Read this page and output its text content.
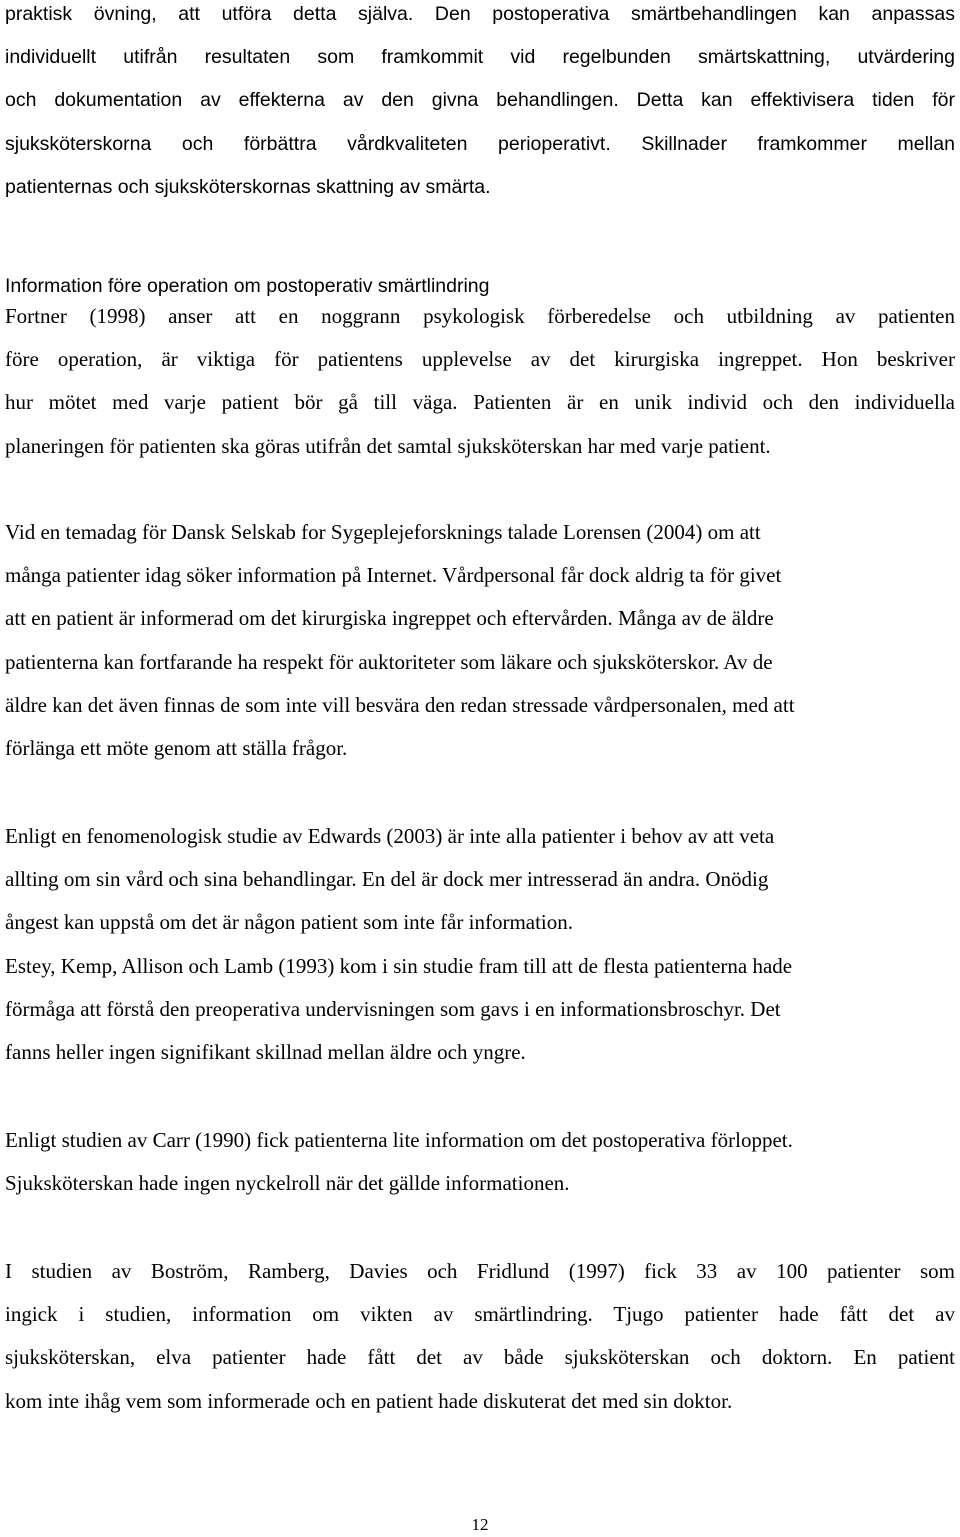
praktisk övning, att utföra detta själva. Den postoperativa smärtbehandlingen kan anpassas
individuellt utifrån resultaten som framkommit vid regelbunden smärtskattning, utvärdering
och dokumentation av effekterna av den givna behandlingen. Detta kan effektivisera tiden för
sjuksköterskorna och förbättra vårdkvaliteten perioperativt. Skillnader framkommer mellan
patienternas och sjuksköterskornas skattning av smärta.
Information före operation om postoperativ smärtlindring
Fortner (1998) anser att en noggrann psykologisk förberedelse och utbildning av patienten
före operation, är viktiga för patientens upplevelse av det kirurgiska ingreppet. Hon beskriver
hur mötet med varje patient bör gå till väga. Patienten är en unik individ och den individuella
planeringen för patienten ska göras utifrån det samtal sjuksköterskan har med varje patient.
Vid en temadag för Dansk Selskab for Sygeplejeforsknings talade Lorensen (2004) om att
många patienter idag söker information på Internet. Vårdpersonal får dock aldrig ta för givet
att en patient är informerad om det kirurgiska ingreppet och eftervården. Många av de äldre
patienterna kan fortfarande ha respekt för auktoriteter som läkare och sjuksköterskor. Av de
äldre kan det även finnas de som inte vill besvära den redan stressade vårdpersonalen, med att
förlänga ett möte genom att ställa frågor.
Enligt en fenomenologisk studie av Edwards (2003) är inte alla patienter i behov av att veta
allting om sin vård och sina behandlingar. En del är dock mer intresserad än andra. Onödig
ångest kan uppstå om det är någon patient som inte får information.
Estey, Kemp, Allison och Lamb (1993) kom i sin studie fram till att de flesta patienterna hade
förmåga att förstå den preoperativa undervisningen som gavs i en informationsbroschyr. Det
fanns heller ingen signifikant skillnad mellan äldre och yngre.
Enligt studien av Carr (1990) fick patienterna lite information om det postoperativa förloppet.
Sjuksköterskan hade ingen nyckelroll när det gällde informationen.
I studien av Boström, Ramberg, Davies och Fridlund (1997) fick 33 av 100 patienter som
ingick i studien, information om vikten av smärtlindring. Tjugo patienter hade fått det av
sjuksköterskan, elva patienter hade fått det av både sjuksköterskan och doktorn. En patient
kom inte ihåg vem som informerade och en patient hade diskuterat det med sin doktor.
12
